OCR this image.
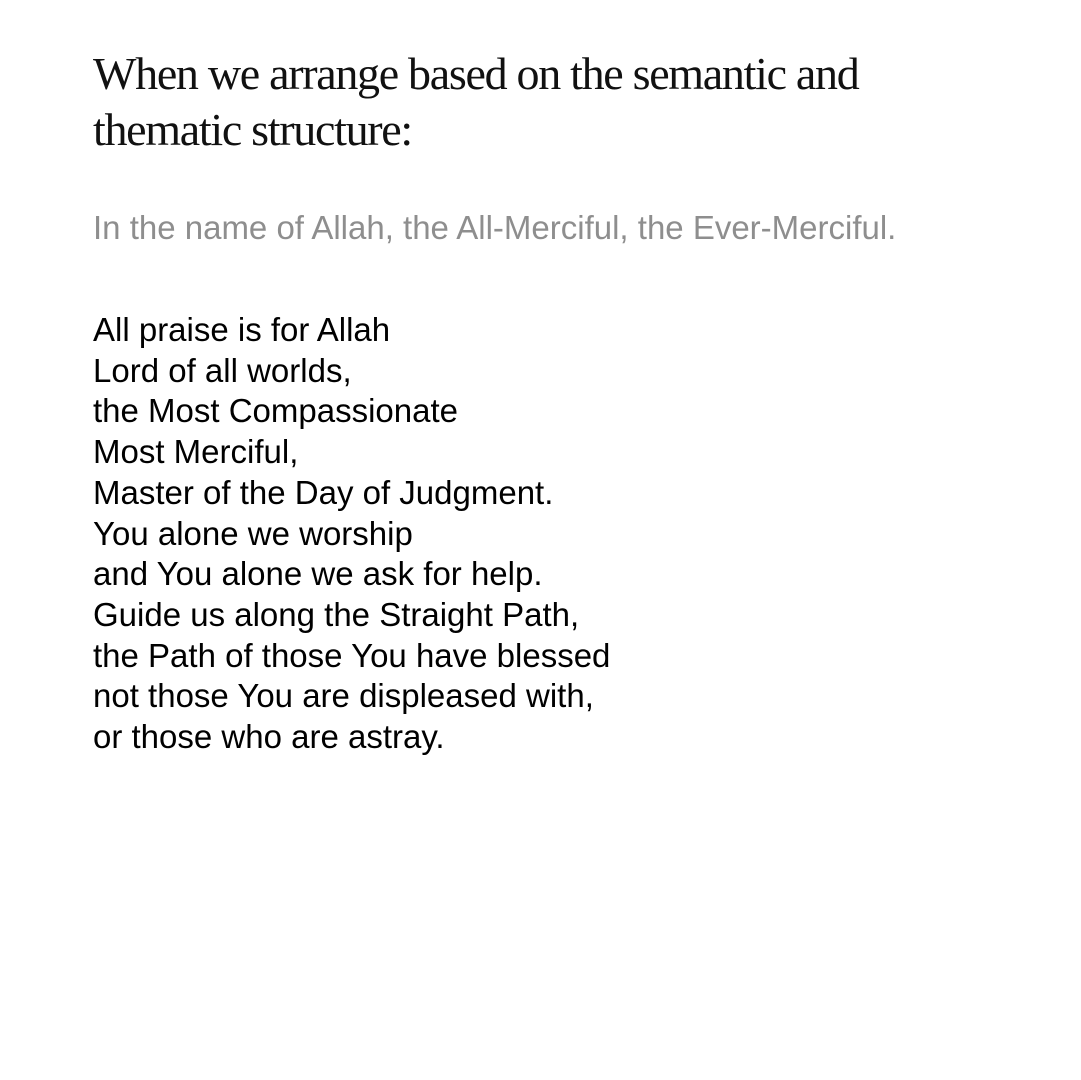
When we arrange based on the semantic and thematic structure:

In the name of Allah, the All-Merciful, the Ever-Merciful.

All praise is for Allah
Lord of all worlds,
the Most Compassionate
Most Merciful,
Master of the Day of Judgment.
You alone we worship
and You alone we ask for help.
Guide us along the Straight Path,
the Path of those You have blessed
not those You are displeased with,
or those who are astray.
